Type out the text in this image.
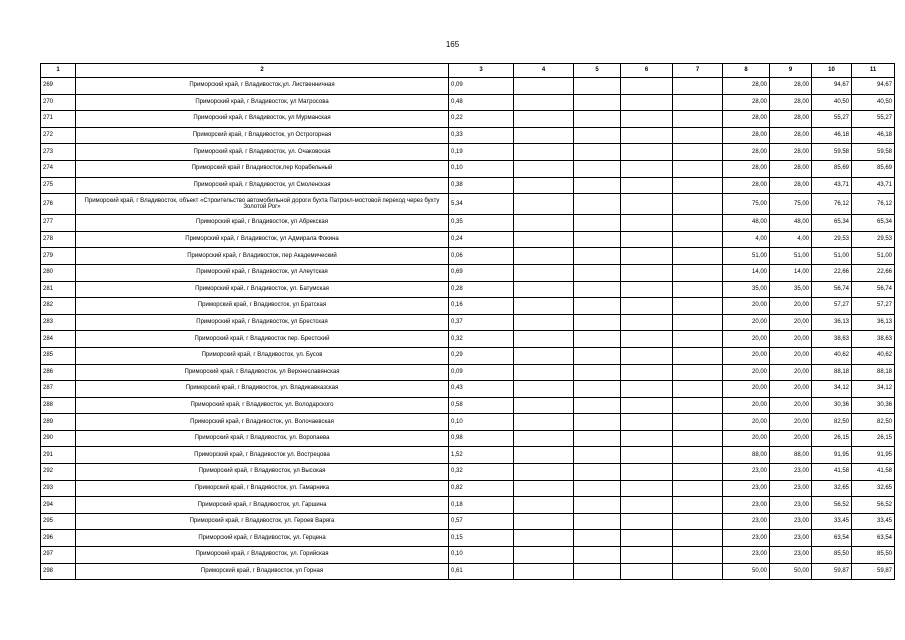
165
1	2	3	4	5	6	7	8	9	10	11
269	Приморский край, г Владивосток,ул. Лиственничная	0,09					28,00	28,00	94,67	94,67
270	Приморский край, г Владивосток, ул Матросова	0,48					28,00	28,00	40,50	40,50
271	Приморский край, г Владивосток, ул Мурманская	0,22					28,00	28,00	55,27	55,27
272	Приморский край, г Владивосток, ул Острогорная	0,33					28,00	28,00	46,18	46,18
273	Приморский край, г Владивосток, ул. Очаковская	0,19					28,00	28,00	59,58	59,58
274	Приморский край г Владивосток,пер Корабельный	0,10					28,00	28,00	85,69	85,69
275	Приморский край, г Владивосток, ул Смоленская	0,38					28,00	28,00	43,71	43,71
276	Приморский край, г Владивосток, объект «Строительство автомобильной дороги бухта Патрокл-мостовой переход через бухту Золотой Рог»	5,34					75,00	75,00	76,12	76,12
277	Приморский край, г Владивосток, ул Абрекская	0,35					48,00	48,00	65,34	65,34
278	Приморский край, г Владивосток, ул Адмирала Фокина	0,24					4,00	4,00	29,53	29,53
279	Приморский край, г Владивосток, пер Академический	0,06					51,00	51,00	51,00	51,00
280	Приморский край, г Владивосток, ул Алеутская	0,69					14,00	14,00	22,66	22,66
281	Приморский край, г Владивосток, ул. Батумская	0,28					35,00	35,00	56,74	56,74
282	Приморский край, г Владивосток, ул Братская	0,16					20,00	20,00	57,27	57,27
283	Приморский край, г Владивосток, ул Брестская	0,37					20,00	20,00	36,13	36,13
284	Приморский край, г Владивосток пер. Брестский	0,32					20,00	20,00	38,63	38,63
285	Приморский край, г Владивосток, ул. Бусов	0,29					20,00	20,00	40,62	40,62
286	Приморский край, г Владивосток, ул Верхнеславянская	0,09					20,00	20,00	88,18	88,18
287	Приморский край, г Владивосток, ул. Владикавказская	0,43					20,00	20,00	34,12	34,12
288	Приморский край, г Владивосток, ул. Володарского	0,58					20,00	20,00	30,36	30,36
289	Приморский край, г Владивосток, ул. Волочаевская	0,10					20,00	20,00	82,50	82,50
290	Приморский край, г Владивосток, ул. Воропаева	0,98					20,00	20,00	26,15	26,15
291	Приморский край, г Владивосток ул. Вострецова	1,52					88,00	88,00	91,95	91,95
292	Приморский край, г Владивосток, ул Высокая	0,32					23,00	23,00	41,58	41,58
293	Приморский край, г Владивосток, ул. Гамарника	0,82					23,00	23,00	32,65	32,65
294	Приморский край, г Владивосток, ул. Гаршина	0,18					23,00	23,00	56,52	56,52
295	Приморский край, г Владивосток, ул. Героев Варяга	0,57					23,00	23,00	33,45	33,45
296	Приморский край, г Владивосток, ул. Герцена	0,15					23,00	23,00	63,54	63,54
297	Приморский край, г Владивосток, ул. Горийская	0,10					23,00	23,00	85,50	85,50
298	Приморский край, г Владивосток, ул Горная	0,61					50,00	50,00	59,87	59,87
.
